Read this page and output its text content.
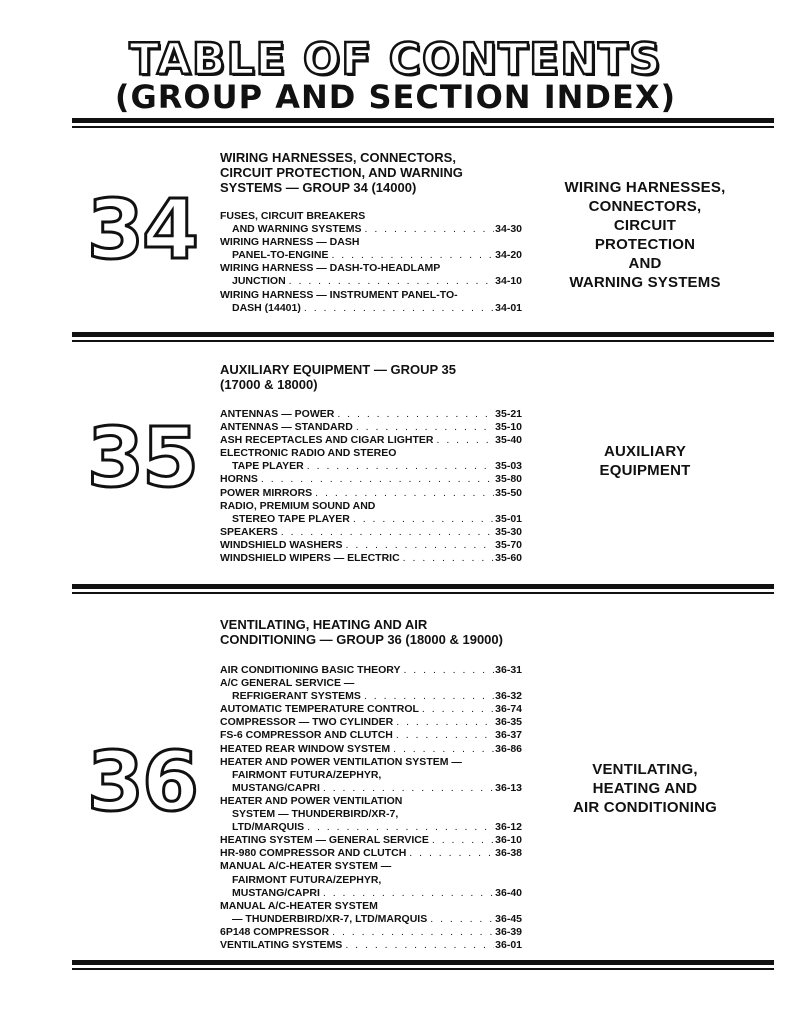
TABLE OF CONTENTS
(GROUP AND SECTION INDEX)
34
WIRING HARNESSES, CONNECTORS,
CIRCUIT PROTECTION, AND WARNING
SYSTEMS — GROUP 34 (14000)
FUSES, CIRCUIT BREAKERS
AND WARNING SYSTEMS . . .	34-30
WIRING HARNESS — DASH
PANEL-TO-ENGINE . . .	34-20
WIRING HARNESS — DASH-TO-HEADLAMP
JUNCTION . . .	34-10
WIRING HARNESS — INSTRUMENT PANEL-TO-
DASH (14401) . . .	34-01
WIRING HARNESSES,
CONNECTORS,
CIRCUIT
PROTECTION
AND
WARNING SYSTEMS
35
AUXILIARY EQUIPMENT — GROUP 35
(17000 & 18000)
ANTENNAS — POWER . . .	35-21
ANTENNAS — STANDARD . . .	35-10
ASH RECEPTACLES AND CIGAR LIGHTER . . .	35-40
ELECTRONIC RADIO AND STEREO
TAPE PLAYER . . .	35-03
HORNS . . .	35-80
POWER MIRRORS . . .	35-50
RADIO, PREMIUM SOUND AND
STEREO TAPE PLAYER . . .	35-01
SPEAKERS . . .	35-30
WINDSHIELD WASHERS . . .	35-70
WINDSHIELD WIPERS — ELECTRIC . . .	35-60
AUXILIARY
EQUIPMENT
36
VENTILATING, HEATING AND AIR
CONDITIONING — GROUP 36 (18000 & 19000)
AIR CONDITIONING BASIC THEORY . . .	36-31
A/C GENERAL SERVICE —
REFRIGERANT SYSTEMS . . .	36-32
AUTOMATIC TEMPERATURE CONTROL . . .	36-74
COMPRESSOR — TWO CYLINDER . . .	36-35
FS-6 COMPRESSOR AND CLUTCH . . .	36-37
HEATED REAR WINDOW SYSTEM . . .	36-86
HEATER AND POWER VENTILATION SYSTEM —
FAIRMONT FUTURA/ZEPHYR,
MUSTANG/CAPRI . . .	36-13
HEATER AND POWER VENTILATION
SYSTEM — THUNDERBIRD/XR-7,
LTD/MARQUIS . . .	36-12
HEATING SYSTEM — GENERAL SERVICE . . .	36-10
HR-980 COMPRESSOR AND CLUTCH . . .	36-38
MANUAL A/C-HEATER SYSTEM —
FAIRMONT FUTURA/ZEPHYR,
MUSTANG/CAPRI . . .	36-40
MANUAL A/C-HEATER SYSTEM
— THUNDERBIRD/XR-7, LTD/MARQUIS . . .	36-45
6P148 COMPRESSOR . . .	36-39
VENTILATING SYSTEMS . . .	36-01
VENTILATING,
HEATING AND
AIR CONDITIONING
